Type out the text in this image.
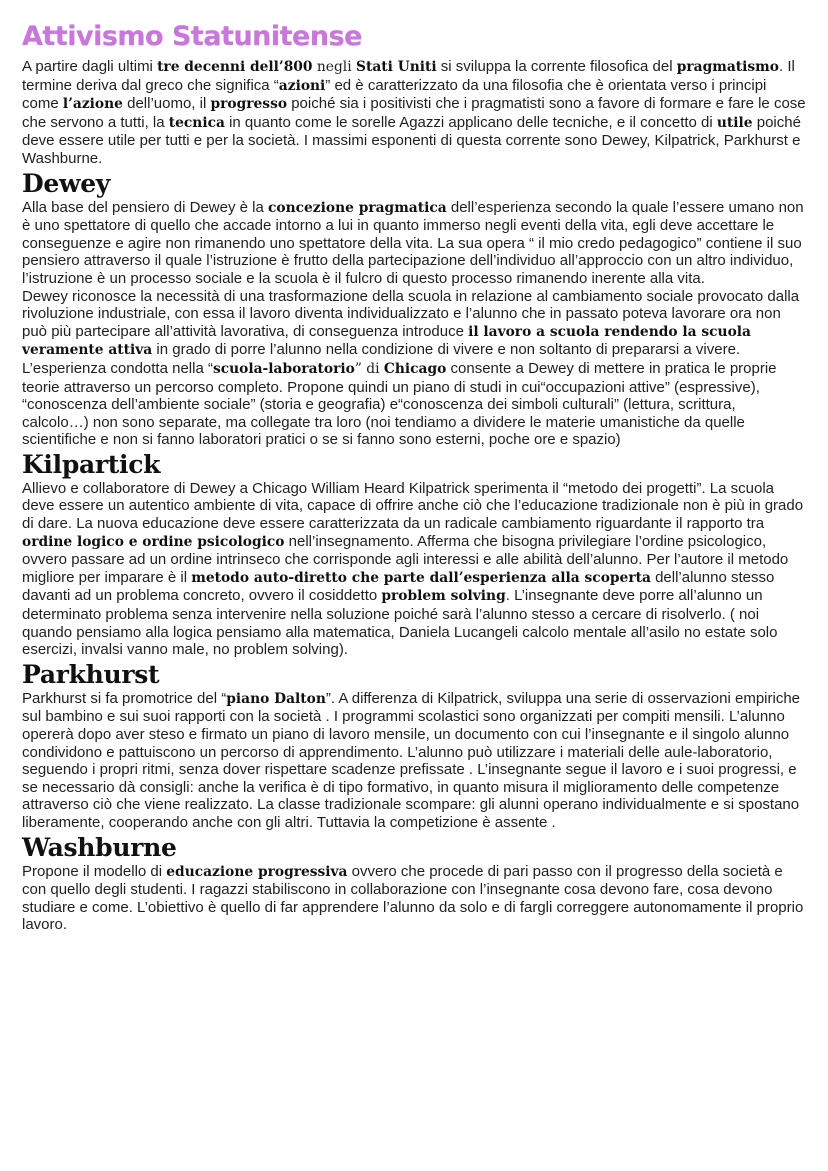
Attivismo Statunitense

A partire dagli ultimi tre decenni dell’800 negli Stati Uniti si sviluppa la corrente filosofica del pragmatismo. Il termine deriva dal greco che significa “azioni” ed è caratterizzato da una filosofia che è orientata verso i principi come l’azione dell’uomo, il progresso poiché sia i positivisti che i pragmatisti sono a favore di formare e fare le cose che servono a tutti, la tecnica in quanto come le sorelle Agazzi applicano delle tecniche, e il concetto di utile poiché deve essere utile per tutti e per la società. I massimi esponenti di questa corrente sono Dewey, Kilpatrick, Parkhurst e Washburne.

Dewey

Alla base del pensiero di Dewey è la concezione pragmatica dell’esperienza secondo la quale l’essere umano non è uno spettatore di quello che accade intorno a lui in quanto immerso negli eventi della vita, egli deve accettare le conseguenze e agire non rimanendo uno spettatore della vita. La sua opera “ il mio credo pedagogico” contiene il suo pensiero attraverso il quale l’istruzione è frutto della partecipazione dell’individuo all’approccio con un altro individuo, l’istruzione è un processo sociale e la scuola è il fulcro di questo processo rimanendo inerente alla vita.

Dewey riconosce la necessità di una trasformazione della scuola in relazione al cambiamento sociale provocato dalla rivoluzione industriale, con essa il lavoro diventa individualizzato e l’alunno che in passato poteva lavorare ora non può più partecipare all’attività lavorativa, di conseguenza introduce il lavoro a scuola rendendo la scuola veramente attiva in grado di porre l’alunno nella condizione di vivere e non soltanto di prepararsi a vivere. L’esperienza condotta nella “scuola-laboratorio” di Chicago consente a Dewey di mettere in pratica le proprie teorie attraverso un percorso completo. Propone quindi un piano di studi in cui“occupazioni attive” (espressive), “conoscenza dell’ambiente sociale” (storia e geografia) e“conoscenza dei simboli culturali” (lettura, scrittura, calcolo…) non sono separate, ma collegate tra loro (noi tendiamo a dividere le materie umanistiche da quelle scientifiche e non si fanno laboratori pratici o se si fanno sono esterni, poche ore e spazio)

Kilpartick

Allievo e collaboratore di Dewey a Chicago William Heard Kilpatrick sperimenta il “metodo dei progetti”. La scuola deve essere un autentico ambiente di vita, capace di offrire anche ciò che l’educazione tradizionale non è più in grado di dare. La nuova educazione deve essere caratterizzata da un radicale cambiamento riguardante il rapporto tra ordine logico e ordine psicologico nell’insegnamento. Afferma che bisogna privilegiare l’ordine psicologico, ovvero passare ad un ordine intrinseco che corrisponde agli interessi e alle abilità dell’alunno. Per l’autore il metodo migliore per imparare è il metodo auto-diretto che parte dall’esperienza alla scoperta dell’alunno stesso davanti ad un problema concreto, ovvero il cosiddetto problem solving. L’insegnante deve porre all’alunno un determinato problema senza intervenire nella soluzione poiché sarà l’alunno stesso a cercare di risolverlo. ( noi quando pensiamo alla logica pensiamo alla matematica, Daniela Lucangeli calcolo mentale all’asilo no estate solo esercizi, invalsi vanno male, no problem solving).

Parkhurst

Parkhurst si fa promotrice del “piano Dalton”. A differenza di Kilpatrick, sviluppa una serie di osservazioni empiriche sul bambino e sui suoi rapporti con la società . I programmi scolastici sono organizzati per compiti mensili. L’alunno opererà dopo aver steso e firmato un piano di lavoro mensile, un documento con cui l’insegnante e il singolo alunno condividono e pattuiscono un percorso di apprendimento. L’alunno può utilizzare i materiali delle aule-laboratorio, seguendo i propri ritmi, senza dover rispettare scadenze prefissate . L’insegnante segue il lavoro e i suoi progressi, e se necessario dà consigli: anche la verifica è di tipo formativo, in quanto misura il miglioramento delle competenze attraverso ciò che viene realizzato. La classe tradizionale scompare: gli alunni operano individualmente e si spostano liberamente, cooperando anche con gli altri. Tuttavia la competizione è assente .

Washburne

Propone il modello di educazione progressiva ovvero che procede di pari passo con il progresso della società e con quello degli studenti. I ragazzi stabiliscono in collaborazione con l’insegnante cosa devono fare, cosa devono studiare e come. L’obiettivo è quello di far apprendere l’alunno da solo e di fargli correggere autonomamente il proprio lavoro.
